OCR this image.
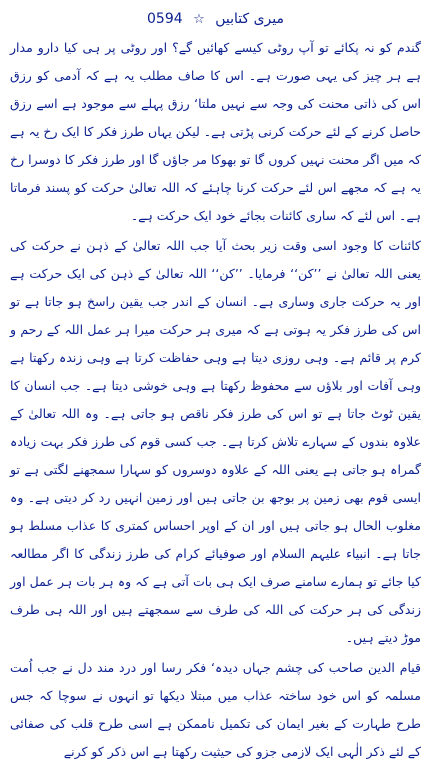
میری کتابیں ☆ 0594

گندم کو نہ پکائے تو آپ روٹی کیسے کھائیں گے؟ اور روٹی پر ہی کیا دارو مدار ہے ہر چیز کی یہی صورت ہے۔ اس کا صاف مطلب یہ ہے کہ آدمی کو رزق اس کی ذاتی محنت کی وجہ سے نہیں ملتا‘ رزق پہلے سے موجود ہے اسے رزق حاصل کرنے کے لئے حرکت کرنی پڑتی ہے۔ لیکن یہاں طرز فکر کا ایک رخ یہ ہے کہ میں اگر محنت نہیں کروں گا تو بھوکا مر جاؤں گا اور طرز فکر کا دوسرا رخ یہ ہے کہ مجھے اس لئے حرکت کرنا چاہئے کہ اللہ تعالیٰ حرکت کو پسند فرماتا ہے۔ اس لئے کہ ساری کائنات بجائے خود ایک حرکت ہے۔

کائنات کا وجود اسی وقت زیر بحث آیا جب اللہ تعالیٰ کے ذہن نے حرکت کی یعنی اللہ تعالیٰ نے ’’کن‘‘ فرمایا۔ ’’کن‘‘ اللہ تعالیٰ کے ذہن کی ایک حرکت ہے اور یہ حرکت جاری وساری ہے۔ انسان کے اندر جب یقین راسخ ہو جاتا ہے تو اس کی طرز فکر یہ ہوتی ہے کہ میری ہر حرکت میرا ہر عمل اللہ کے رحم و کرم پر قائم ہے۔ وہی روزی دیتا ہے وہی حفاظت کرتا ہے وہی زندہ رکھتا ہے وہی آفات اور بلاؤں سے محفوظ رکھتا ہے وہی خوشی دیتا ہے۔ جب انسان کا یقین ٹوٹ جاتا ہے تو اس کی طرز فکر ناقص ہو جاتی ہے۔ وہ اللہ تعالیٰ کے علاوہ بندوں کے سہارے تلاش کرتا ہے۔ جب کسی قوم کی طرز فکر بہت زیادہ گمراہ ہو جاتی ہے یعنی اللہ کے علاوہ دوسروں کو سہارا سمجھنے لگتی ہے تو ایسی قوم بھی زمین پر بوجھ بن جاتی ہیں اور زمین انہیں رد کر دیتی ہے۔ وہ مغلوب الحال ہو جاتی ہیں اور ان کے اوپر احساس کمتری کا عذاب مسلط ہو جاتا ہے۔ انبیاء علیہم السلام اور صوفیائے کرام کی طرز زندگی کا اگر مطالعہ کیا جائے تو ہمارے سامنے صرف ایک ہی بات آتی ہے کہ وہ ہر بات ہر عمل اور زندگی کی ہر حرکت کی اللہ کی طرف سے سمجھتے ہیں اور اللہ ہی طرف موڑ دیتے ہیں۔

قیام الدین صاحب کی چشم جہاں دیدہ‘ فکر رسا اور درد مند دل نے جب اُمت مسلمہ کو اس خود ساختہ عذاب میں مبتلا دیکھا تو انہوں نے سوچا کہ جس طرح طہارت کے بغیر ایمان کی تکمیل ناممکن ہے اسی طرح قلب کی صفائی کے لئے ذکر الٰہی ایک لازمی جزو کی حیثیت رکھتا ہے اس ذکر کو کرنے
